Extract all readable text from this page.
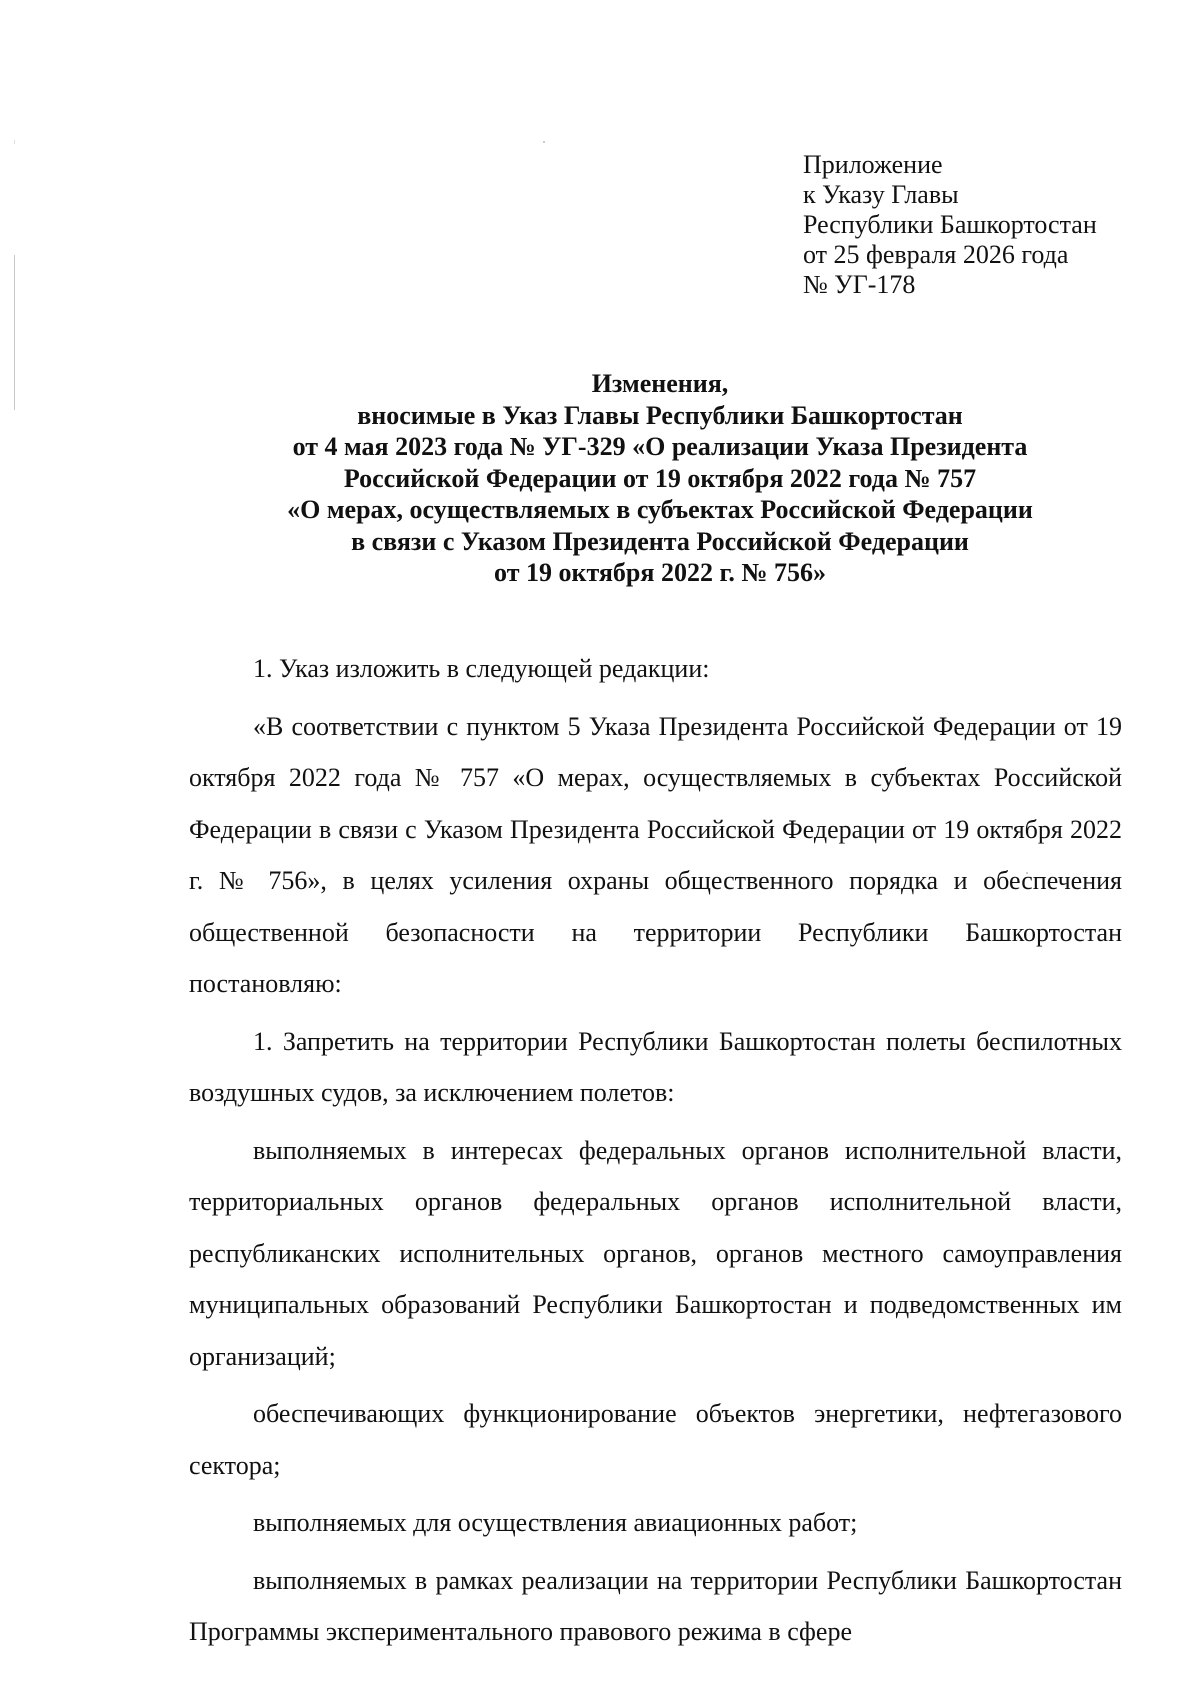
Приложение
к Указу Главы
Республики Башкортостан
от 25 февраля 2026 года
№ УГ-178
Изменения,
вносимые в Указ Главы Республики Башкортостан
от 4 мая 2023 года № УГ-329 «О реализации Указа Президента
Российской Федерации от 19 октября 2022 года № 757
«О мерах, осуществляемых в субъектах Российской Федерации
в связи с Указом Президента Российской Федерации
от 19 октября 2022 г. № 756»

1. Указ изложить в следующей редакции:

«В соответствии с пунктом 5 Указа Президента Российской Федерации от 19 октября 2022 года № 757 «О мерах, осуществляемых в субъектах Российской Федерации в связи с Указом Президента Российской Федерации от 19 октября 2022 г. № 756», в целях усиления охраны общественного порядка и обеспечения общественной безопасности на территории Республики Башкортостан постановляю:

1. Запретить на территории Республики Башкортостан полеты беспилотных воздушных судов, за исключением полетов:

выполняемых в интересах федеральных органов исполнительной власти, территориальных органов федеральных органов исполнительной власти, республиканских исполнительных органов, органов местного самоуправления муниципальных образований Республики Башкортостан и подведомственных им организаций;

обеспечивающих функционирование объектов энергетики, нефтегазового сектора;

выполняемых для осуществления авиационных работ;

выполняемых в рамках реализации на территории Республики Башкортостан Программы экспериментального правового режима в сфере
